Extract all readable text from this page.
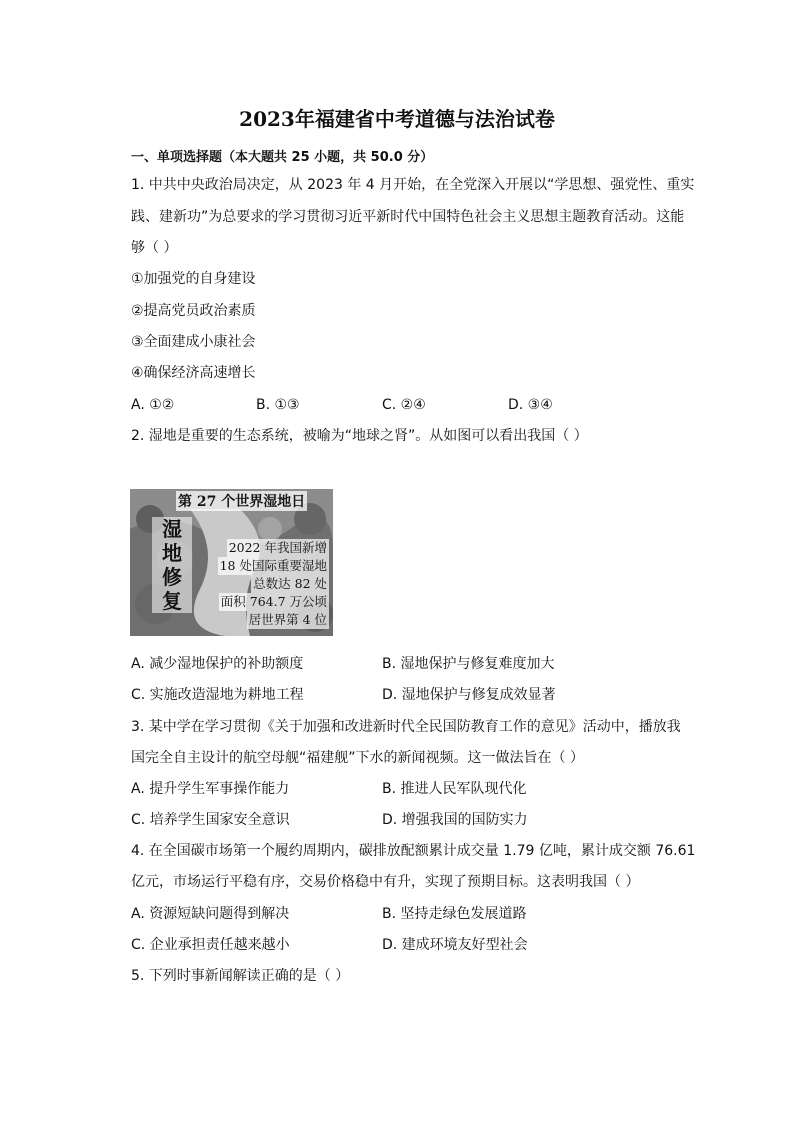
2023年福建省中考道德与法治试卷
一、单项选择题（本大题共 25 小题，共 50.0 分）
1. 中共中央政治局决定，从 2023 年 4 月开始，在全党深入开展以“学思想、强党性、重实
践、建新功”为总要求的学习贯彻习近平新时代中国特色社会主义思想主题教育活动。这能
够（ ）
①加强党的自身建设
②提高党员政治素质
③全面建成小康社会
④确保经济高速增长
A. ①②	B. ①③	C. ②④	D. ③④
2. 湿地是重要的生态系统，被喻为“地球之肾”。从如图可以看出我国（ ）
第 27 个世界湿地日
湿
地
修
复
2022 年我国新增
18 处国际重要湿地
总数达 82 处
面积 764.7 万公顷
居世界第 4 位
A. 减少湿地保护的补助额度	B. 湿地保护与修复难度加大
C. 实施改造湿地为耕地工程	D. 湿地保护与修复成效显著
3. 某中学在学习贯彻《关于加强和改进新时代全民国防教育工作的意见》活动中，播放我
国完全自主设计的航空母舰“福建舰”下水的新闻视频。这一做法旨在（ ）
A. 提升学生军事操作能力	B. 推进人民军队现代化
C. 培养学生国家安全意识	D. 增强我国的国防实力
4. 在全国碳市场第一个履约周期内，碳排放配额累计成交量 1.79 亿吨，累计成交额 76.61
亿元，市场运行平稳有序，交易价格稳中有升，实现了预期目标。这表明我国（ ）
A. 资源短缺问题得到解决	B. 坚持走绿色发展道路
C. 企业承担责任越来越小	D. 建成环境友好型社会
5. 下列时事新闻解读正确的是（ ）
